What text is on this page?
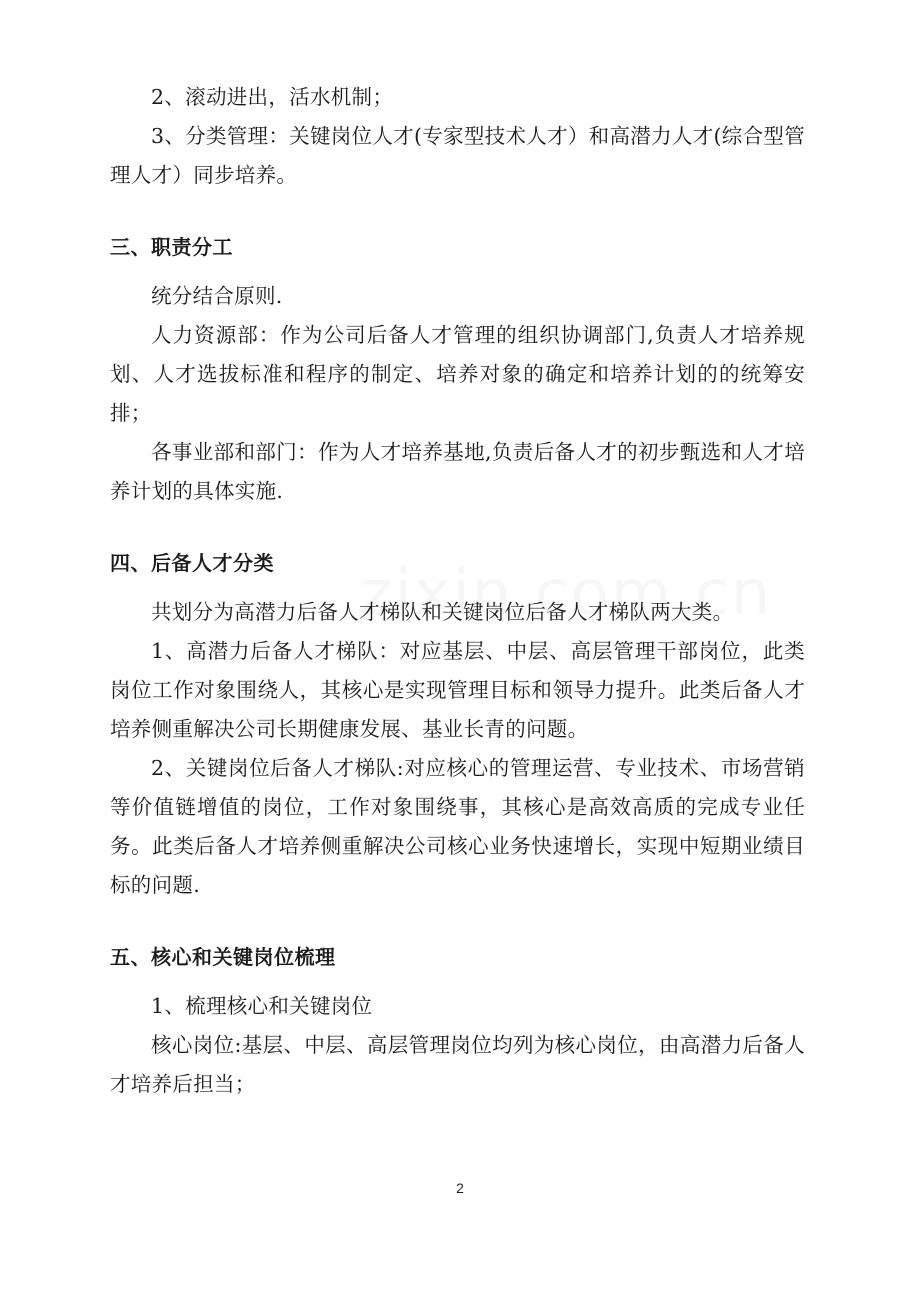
2、滚动进出，活水机制；

3、分类管理：关键岗位人才(专家型技术人才）和高潜力人才(综合型管理人才）同步培养。

三、职责分工

统分结合原则.

人力资源部：作为公司后备人才管理的组织协调部门,负责人才培养规划、人才选拔标准和程序的制定、培养对象的确定和培养计划的的统筹安排；

各事业部和部门：作为人才培养基地,负责后备人才的初步甄选和人才培养计划的具体实施.

四、后备人才分类

共划分为高潜力后备人才梯队和关键岗位后备人才梯队两大类。

1、高潜力后备人才梯队：对应基层、中层、高层管理干部岗位，此类岗位工作对象围绕人，其核心是实现管理目标和领导力提升。此类后备人才培养侧重解决公司长期健康发展、基业长青的问题。

2、关键岗位后备人才梯队:对应核心的管理运营、专业技术、市场营销等价值链增值的岗位，工作对象围绕事，其核心是高效高质的完成专业任务。此类后备人才培养侧重解决公司核心业务快速增长，实现中短期业绩目标的问题.

五、核心和关键岗位梳理

1、梳理核心和关键岗位

核心岗位:基层、中层、高层管理岗位均列为核心岗位，由高潜力后备人才培养后担当；

2
